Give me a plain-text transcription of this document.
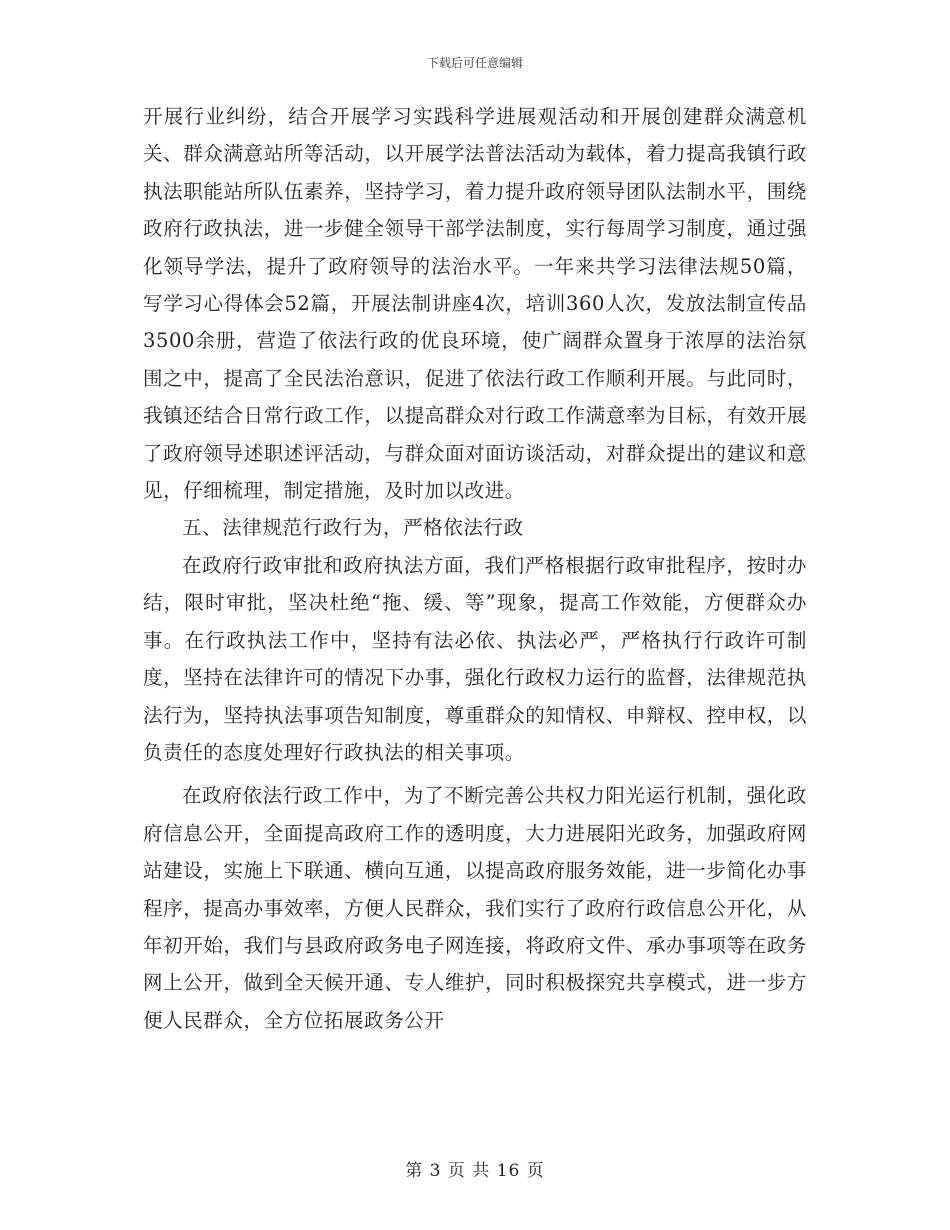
下载后可任意编辑

开展行业纠纷，结合开展学习实践科学进展观活动和开展创建群众满意机关、群众满意站所等活动，以开展学法普法活动为载体，着力提高我镇行政执法职能站所队伍素养，坚持学习，着力提升政府领导团队法制水平，围绕政府行政执法，进一步健全领导干部学法制度，实行每周学习制度，通过强化领导学法，提升了政府领导的法治水平。一年来共学习法律法规50篇，写学习心得体会52篇，开展法制讲座4次，培训360人次，发放法制宣传品3500余册，营造了依法行政的优良环境，使广阔群众置身于浓厚的法治氛围之中，提高了全民法治意识，促进了依法行政工作顺利开展。与此同时，我镇还结合日常行政工作，以提高群众对行政工作满意率为目标，有效开展了政府领导述职述评活动，与群众面对面访谈活动，对群众提出的建议和意见，仔细梳理，制定措施，及时加以改进。

五、法律规范行政行为，严格依法行政

在政府行政审批和政府执法方面，我们严格根据行政审批程序，按时办结，限时审批，坚决杜绝“拖、缓、等”现象，提高工作效能，方便群众办事。在行政执法工作中，坚持有法必依、执法必严，严格执行行政许可制度，坚持在法律许可的情况下办事，强化行政权力运行的监督，法律规范执法行为，坚持执法事项告知制度，尊重群众的知情权、申辩权、控申权，以负责任的态度处理好行政执法的相关事项。

在政府依法行政工作中，为了不断完善公共权力阳光运行机制，强化政府信息公开，全面提高政府工作的透明度，大力进展阳光政务，加强政府网站建设，实施上下联通、横向互通，以提高政府服务效能，进一步简化办事程序，提高办事效率，方便人民群众，我们实行了政府行政信息公开化，从年初开始，我们与县政府政务电子网连接，将政府文件、承办事项等在政务网上公开，做到全天候开通、专人维护，同时积极探究共享模式，进一步方便人民群众，全方位拓展政务公开

第 3 页 共 16 页
